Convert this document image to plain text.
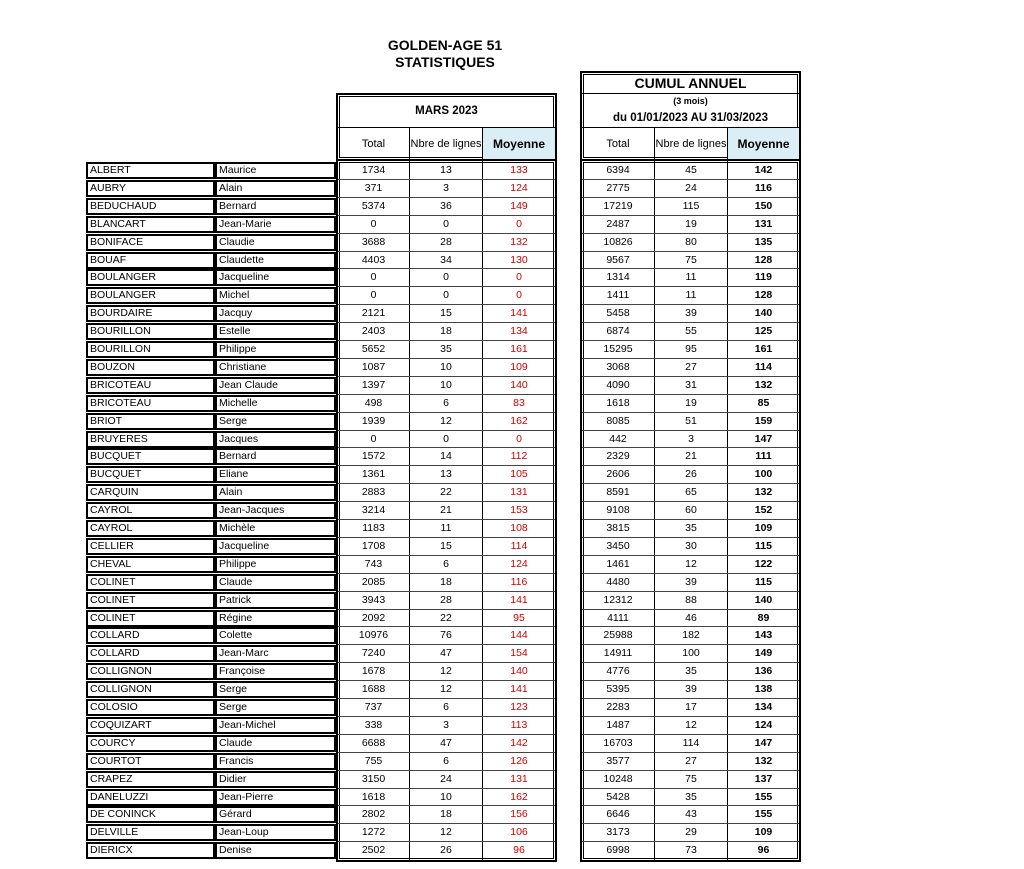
GOLDEN-AGE 51
STATISTIQUES
MARS 2023
Total	Nbre de lignes Moyenne
CUMUL ANNUEL
(3 mois)
du 01/01/2023 AU 31/03/2023
Total	Nbre de lignes Moyenne
ALBERT	Maurice	1734	13	133	6394	45	142
AUBRY	Alain	371	3	124	2775	24	116
BEDUCHAUD	Bernard	5374	36	149	17219	115	150
BLANCART	Jean-Marie	0	0	0	2487	19	131
BONIFACE	Claudie	3688	28	132	10826	80	135
BOUAF	Claudette	4403	34	130	9567	75	128
BOULANGER	Jacqueline	0	0	0	1314	11	119
BOULANGER	Michel	0	0	0	1411	11	128
BOURDAIRE	Jacquy	2121	15	141	5458	39	140
BOURILLON	Estelle	2403	18	134	6874	55	125
BOURILLON	Philippe	5652	35	161	15295	95	161
BOUZON	Christiane	1087	10	109	3068	27	114
BRICOTEAU	Jean Claude	1397	10	140	4090	31	132
BRICOTEAU	Michelle	498	6	83	1618	19	85
BRIOT	Serge	1939	12	162	8085	51	159
BRUYERES	Jacques	0	0	0	442	3	147
BUCQUET	Bernard	1572	14	112	2329	21	111
BUCQUET	Eliane	1361	13	105	2606	26	100
CARQUIN	Alain	2883	22	131	8591	65	132
CAYROL	Jean-Jacques	3214	21	153	9108	60	152
CAYROL	Michèle	1183	11	108	3815	35	109
CELLIER	Jacqueline	1708	15	114	3450	30	115
CHEVAL	Philippe	743	6	124	1461	12	122
COLINET	Claude	2085	18	116	4480	39	115
COLINET	Patrick	3943	28	141	12312	88	140
COLINET	Régine	2092	22	95	4111	46	89
COLLARD	Colette	10976	76	144	25988	182	143
COLLARD	Jean-Marc	7240	47	154	14911	100	149
COLLIGNON	Françoise	1678	12	140	4776	35	136
COLLIGNON	Serge	1688	12	141	5395	39	138
COLOSIO	Serge	737	6	123	2283	17	134
COQUIZART	Jean-Michel	338	3	113	1487	12	124
COURCY	Claude	6688	47	142	16703	114	147
COURTOT	Francis	755	6	126	3577	27	132
CRAPEZ	Didier	3150	24	131	10248	75	137
DANELUZZI	Jean-Pierre	1618	10	162	5428	35	155
DE CONINCK	Gérard	2802	18	156	6646	43	155
DELVILLE	Jean-Loup	1272	12	106	3173	29	109
DIERICX	Denise	2502	26	96	6998	73	96
